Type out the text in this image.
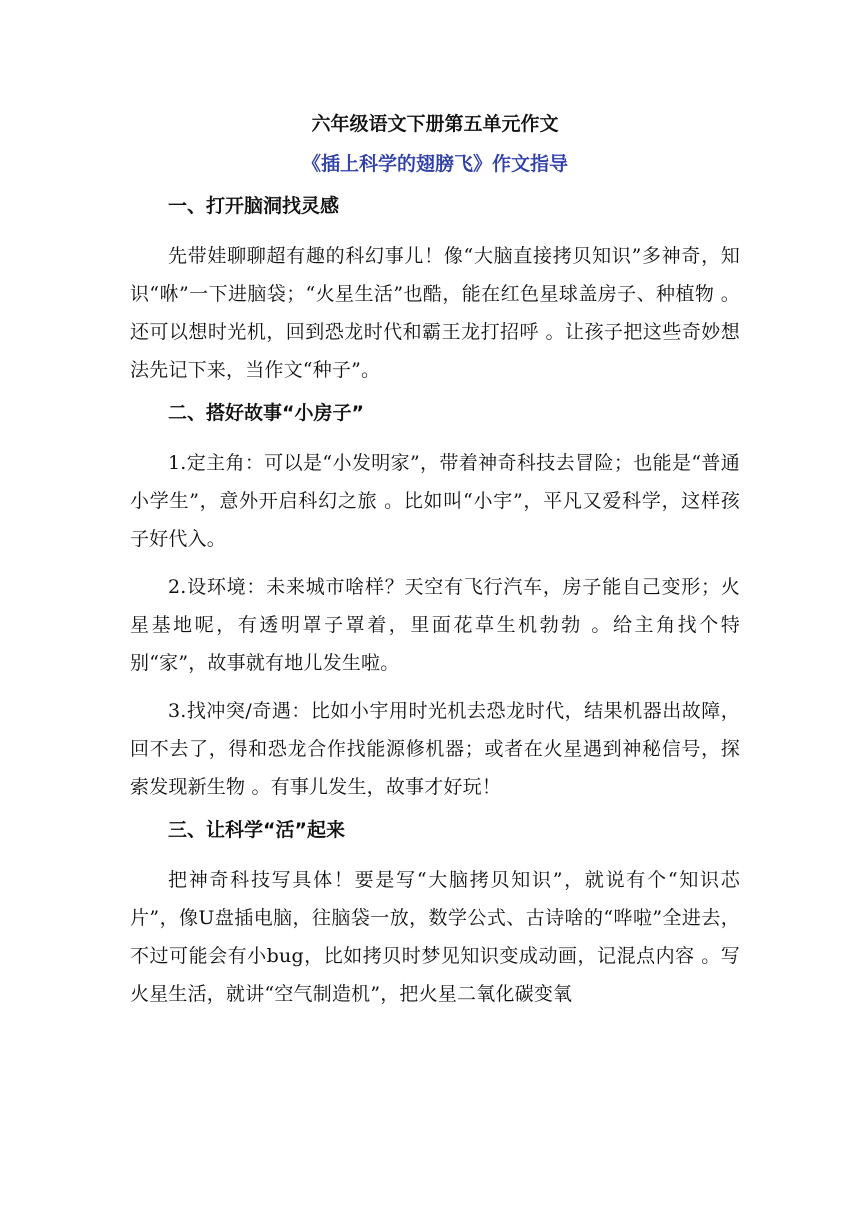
六年级语文下册第五单元作文
《插上科学的翅膀飞》作文指导
一、打开脑洞找灵感

先带娃聊聊超有趣的科幻事儿！像“大脑直接拷贝知识”多神奇，知识“咻”一下进脑袋；“火星生活”也酷，能在红色星球盖房子、种植物 。还可以想时光机，回到恐龙时代和霸王龙打招呼 。让孩子把这些奇妙想法先记下来，当作文“种子”。

二、搭好故事“小房子”

1.定主角：可以是“小发明家”，带着神奇科技去冒险；也能是“普通小学生”，意外开启科幻之旅 。比如叫“小宇”，平凡又爱科学，这样孩子好代入。

2.设环境：未来城市啥样？天空有飞行汽车，房子能自己变形；火星基地呢，有透明罩子罩着，里面花草生机勃勃 。给主角找个特别“家”，故事就有地儿发生啦。

3.找冲突/奇遇：比如小宇用时光机去恐龙时代，结果机器出故障，回不去了，得和恐龙合作找能源修机器；或者在火星遇到神秘信号，探索发现新生物 。有事儿发生，故事才好玩！

三、让科学“活”起来

把神奇科技写具体！要是写“大脑拷贝知识”，就说有个“知识芯片”，像U盘插电脑，往脑袋一放，数学公式、古诗啥的“哗啦”全进去，不过可能会有小bug，比如拷贝时梦见知识变成动画，记混点内容 。写火星生活，就讲“空气制造机”，把火星二氧化碳变氧
